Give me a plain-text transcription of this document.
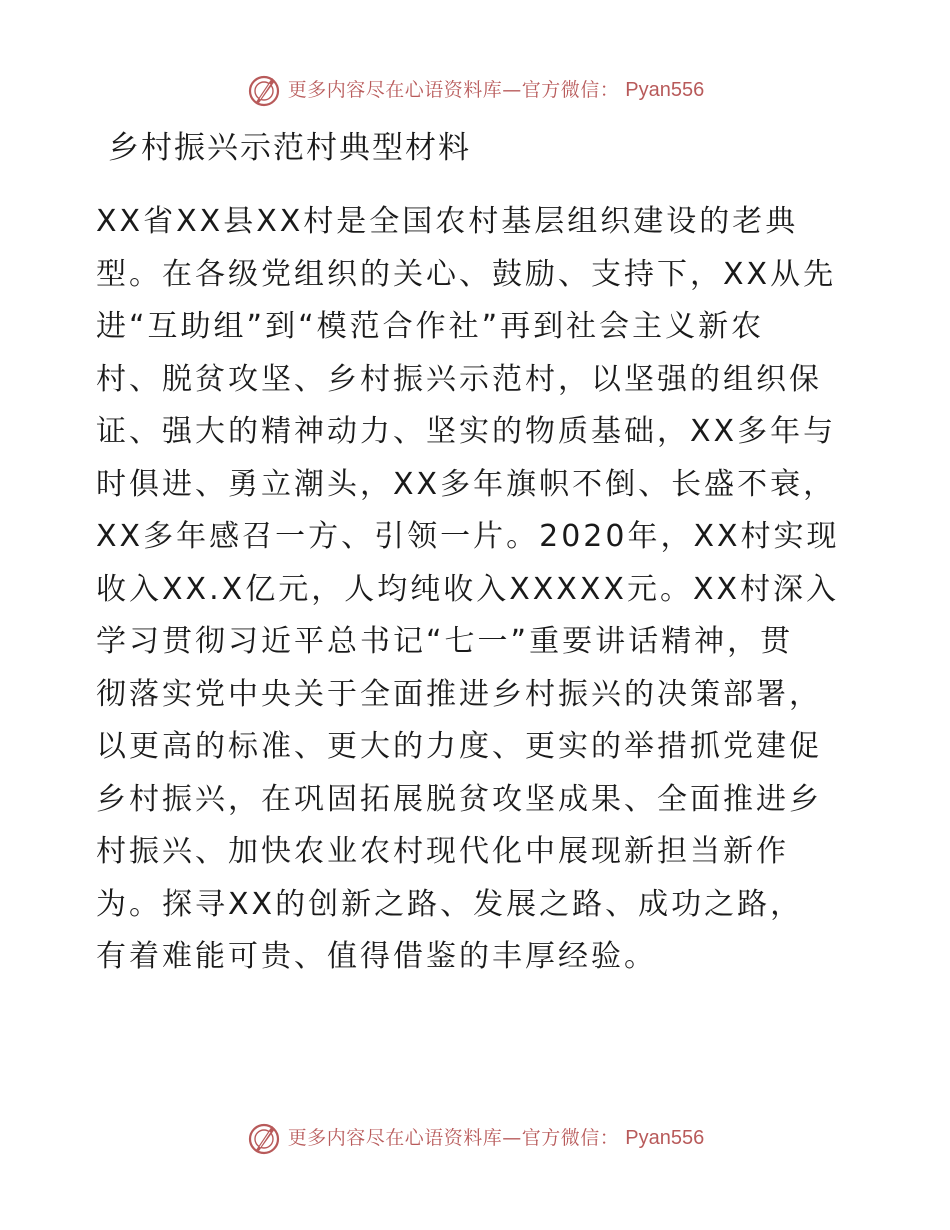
更多内容尽在心语资料库—官方微信： Pyan556
乡村振兴示范村典型材料
XX省XX县XX村是全国农村基层组织建设的老典
型。在各级党组织的关心、鼓励、支持下，XX从先
进“互助组”到“模范合作社”再到社会主义新农
村、脱贫攻坚、乡村振兴示范村，以坚强的组织保
证、强大的精神动力、坚实的物质基础，XX多年与
时俱进、勇立潮头，XX多年旗帜不倒、长盛不衰，
XX多年感召一方、引领一片。2020年，XX村实现
收入XX.X亿元，人均纯收入XXXXX元。XX村深入
学习贯彻习近平总书记“七一”重要讲话精神，贯
彻落实党中央关于全面推进乡村振兴的决策部署，
以更高的标准、更大的力度、更实的举措抓党建促
乡村振兴，在巩固拓展脱贫攻坚成果、全面推进乡
村振兴、加快农业农村现代化中展现新担当新作
为。探寻XX的创新之路、发展之路、成功之路，
有着难能可贵、值得借鉴的丰厚经验。
更多内容尽在心语资料库—官方微信： Pyan556
